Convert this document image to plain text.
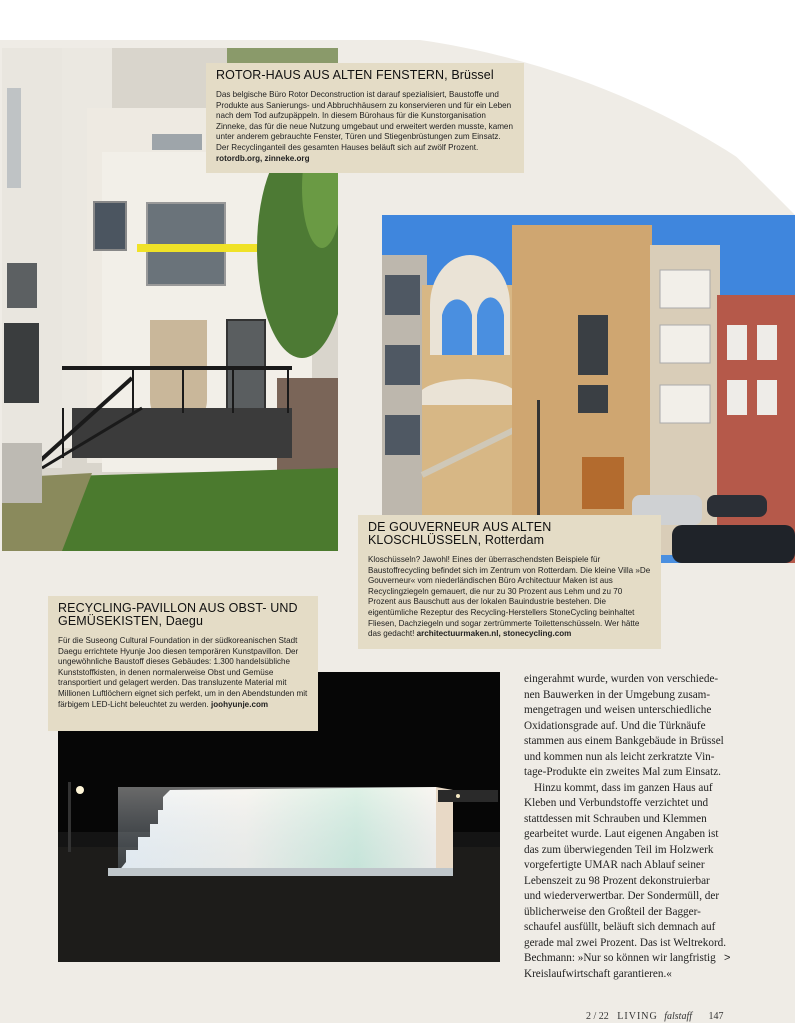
ROTOR-HAUS AUS ALTEN FENSTERN, Brüssel

Das belgische Büro Rotor Deconstruction ist darauf spezialisiert, Baustoffe und Produkte aus Sanierungs- und Abbruchhäusern zu konservieren und für ein Leben nach dem Tod aufzupäppeln. In diesem Bürohaus für die Kunstorganisation Zinneke, das für die neue Nutzung umgebaut und erweitert werden musste, kamen unter anderem gebrauchte Fenster, Türen und Stiegenbrüstungen zum Einsatz. Der Recyclinganteil des gesamten Hauses beläuft sich auf zwölf Prozent. rotordb.org, zinneke.org

DE GOUVERNEUR AUS ALTEN KLOSCHLÜSSELN, Rotterdam

Kloschüsseln? Jawohl! Eines der überraschendsten Beispiele für Baustoffrecycling befindet sich im Zentrum von Rotterdam. Die kleine Villa »De Gouverneur« vom niederländischen Büro Architectuur Maken ist aus Recyclingziegeln gemauert, die nur zu 30 Prozent aus Lehm und zu 70 Prozent aus Bauschutt aus der lokalen Bauindustrie bestehen. Die eigentümliche Rezeptur des Recycling-Herstellers StoneCycling beinhaltet Fliesen, Dachziegeln und sogar zertrümmerte Toilettenschüsseln. Wer hätte das gedacht! architectuurmaken.nl, stonecycling.com

RECYCLING-PAVILLON AUS OBST- UND GEMÜSEKISTEN, Daegu

Für die Suseong Cultural Foundation in der südkoreanischen Stadt Daegu errichtete Hyunje Joo diesen temporären Kunstpavillon. Der ungewöhnliche Baustoff dieses Gebäudes: 1.300 handelsübliche Kunststoffkisten, in denen normalerweise Obst und Gemüse transportiert und gelagert werden. Das transluzente Material mit Millionen Luftlöchern eignet sich perfekt, um in den Abendstunden mit färbigem LED-Licht beleuchtet zu werden. joohyunje.com

eingerahmt wurde, wurden von verschiede-
nen Bauwerken in der Umgebung zusam-
mengetragen und weisen unterschiedliche
Oxidationsgrade auf. Und die Türknäufe
stammen aus einem Bankgebäude in Brüssel
und kommen nun als leicht zerkratzte Vin-
tage-Produkte ein zweites Mal zum Einsatz.

Hinzu kommt, dass im ganzen Haus auf
Kleben und Verbundstoffe verzichtet und
stattdessen mit Schrauben und Klemmen
gearbeitet wurde. Laut eigenen Angaben ist
das zum überwiegenden Teil im Holzwerk
vorgefertigte UMAR nach Ablauf seiner
Lebenszeit zu 98 Prozent dekonstruierbar
und wiederverwertbar. Der Sondermüll, der
üblicherweise den Großteil der Bagger-
schaufel ausfüllt, beläuft sich demnach auf
gerade mal zwei Prozent. Das ist Weltrekord.
Bechmann: »Nur so können wir langfristig
Kreislaufwirtschaft garantieren.«

>
2 / 22 LIVING falstaff 147
